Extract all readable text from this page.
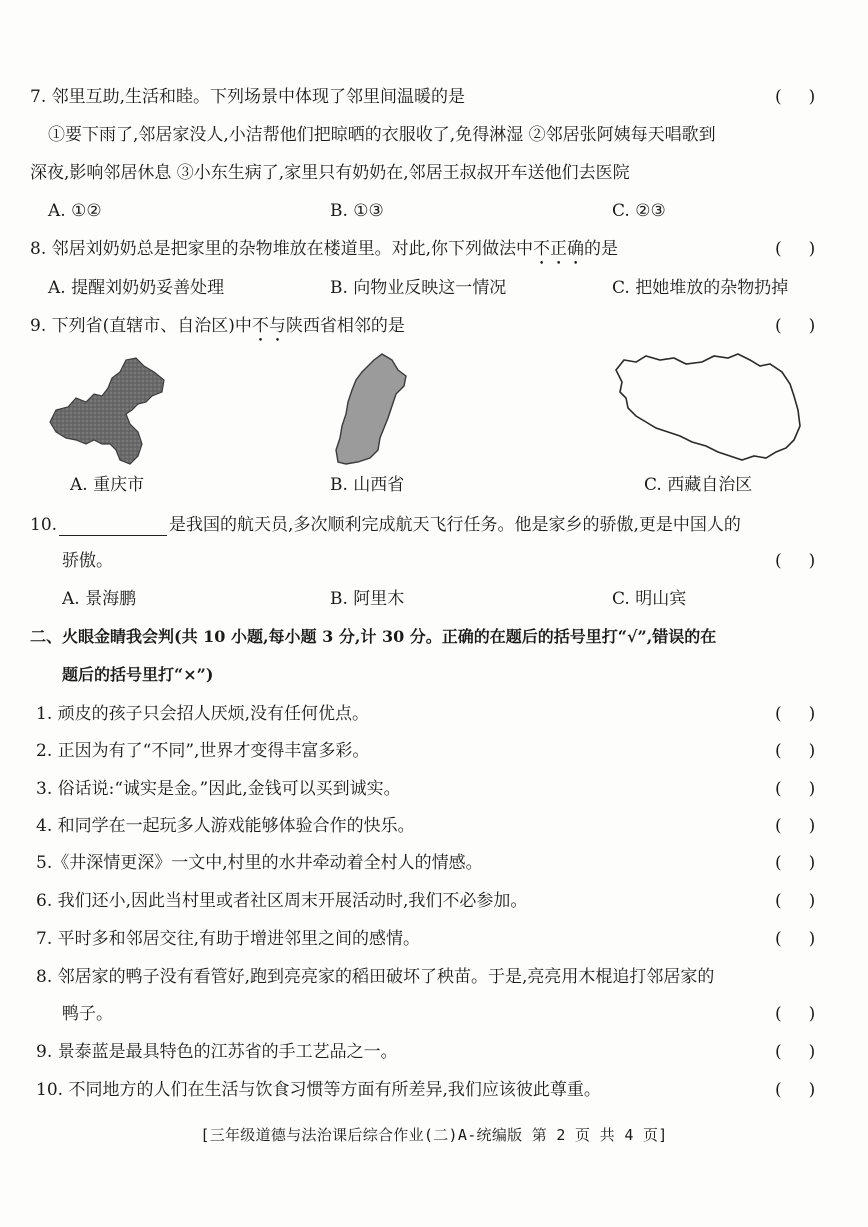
7. 邻里互助,生活和睦。下列场景中体现了邻里间温暖的是	(     )
①要下雨了,邻居家没人,小洁帮他们把晾晒的衣服收了,免得淋湿 ②邻居张阿姨每天唱歌到
深夜,影响邻居休息 ③小东生病了,家里只有奶奶在,邻居王叔叔开车送他们去医院
A. ①②	B. ①③	C. ②③
8. 邻居刘奶奶总是把家里的杂物堆放在楼道里。对此,你下列做法中不正确的是	(     )
A. 提醒刘奶奶妥善处理	B. 向物业反映这一情况	C. 把她堆放的杂物扔掉
9. 下列省(直辖市、自治区)中不与陕西省相邻的是	(     )
A. 重庆市	B. 山西省	C. 西藏自治区
10.	是我国的航天员,多次顺利完成航天飞行任务。他是家乡的骄傲,更是中国人的
骄傲。	(     )
A. 景海鹏	B. 阿里木	C. 明山宾
二、火眼金睛我会判(共 10 小题,每小题 3 分,计 30 分。正确的在题后的括号里打“√”,错误的在
题后的括号里打“×”)
1. 顽皮的孩子只会招人厌烦,没有任何优点。	(     )
2. 正因为有了“不同”,世界才变得丰富多彩。	(     )
3. 俗话说:“诚实是金。”因此,金钱可以买到诚实。	(     )
4. 和同学在一起玩多人游戏能够体验合作的快乐。	(     )
5.《井深情更深》一文中,村里的水井牵动着全村人的情感。	(     )
6. 我们还小,因此当村里或者社区周末开展活动时,我们不必参加。	(     )
7. 平时多和邻居交往,有助于增进邻里之间的感情。	(     )
8. 邻居家的鸭子没有看管好,跑到亮亮家的稻田破坏了秧苗。于是,亮亮用木棍追打邻居家的
鸭子。	(     )
9. 景泰蓝是最具特色的江苏省的手工艺品之一。	(     )
10. 不同地方的人们在生活与饮食习惯等方面有所差异,我们应该彼此尊重。	(     )
[三年级道德与法治课后综合作业(二)A-统编版 第 2 页 共 4 页]
